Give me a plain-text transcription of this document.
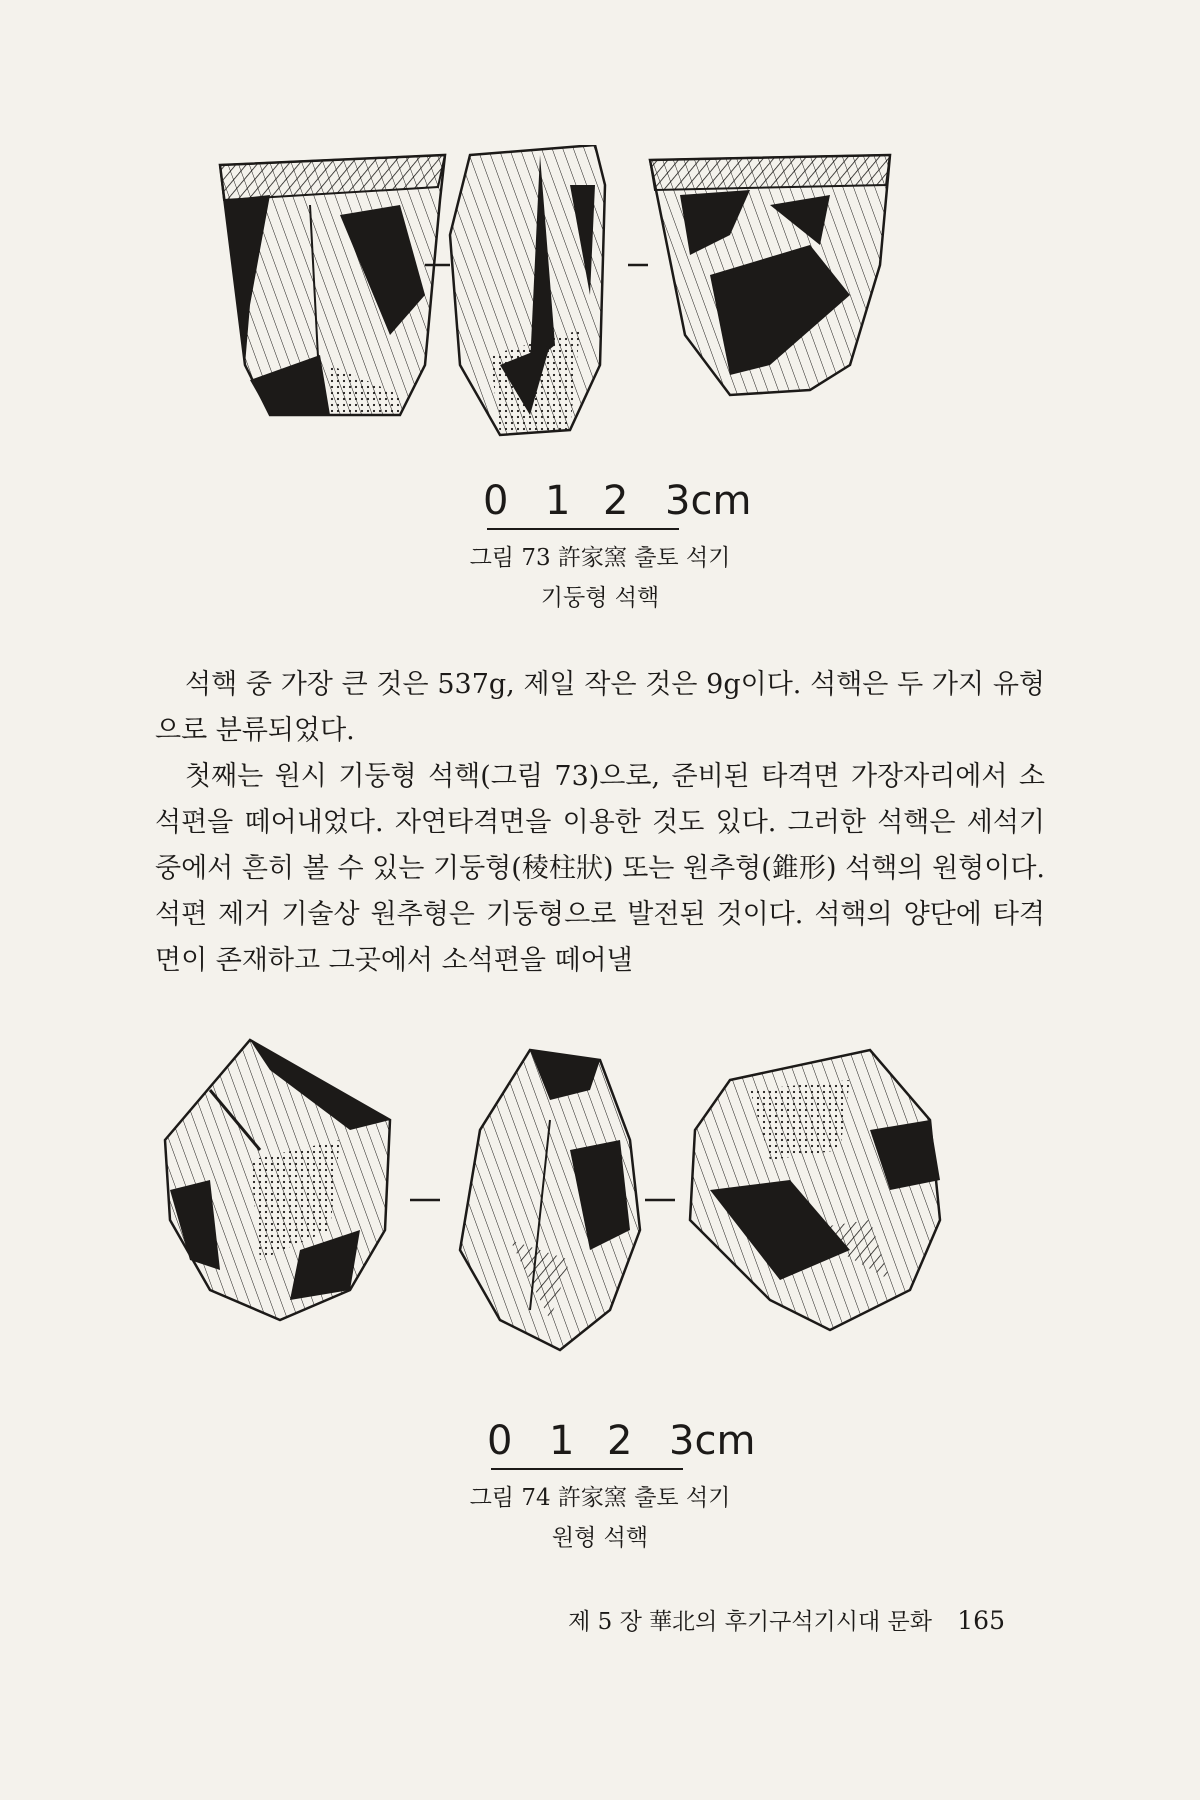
0 1 2 3cm
그림 73 許家窯 출토 석기
기둥형 석핵

석핵 중 가장 큰 것은 537g, 제일 작은 것은 9g이다. 석핵은 두 가지 유형으로 분류되었다.

첫째는 원시 기둥형 석핵(그림 73)으로, 준비된 타격면 가장자리에서 소석편을 떼어내었다. 자연타격면을 이용한 것도 있다. 그러한 석핵은 세석기 중에서 흔히 볼 수 있는 기둥형(稜柱狀) 또는 원추형(錐形) 석핵의 원형이다. 석편 제거 기술상 원추형은 기둥형으로 발전된 것이다. 석핵의 양단에 타격면이 존재하고 그곳에서 소석편을 떼어낼

0 1 2 3cm
그림 74 許家窯 출토 석기
원형 석핵
제 5 장 華北의 후기구석기시대 문화 165
